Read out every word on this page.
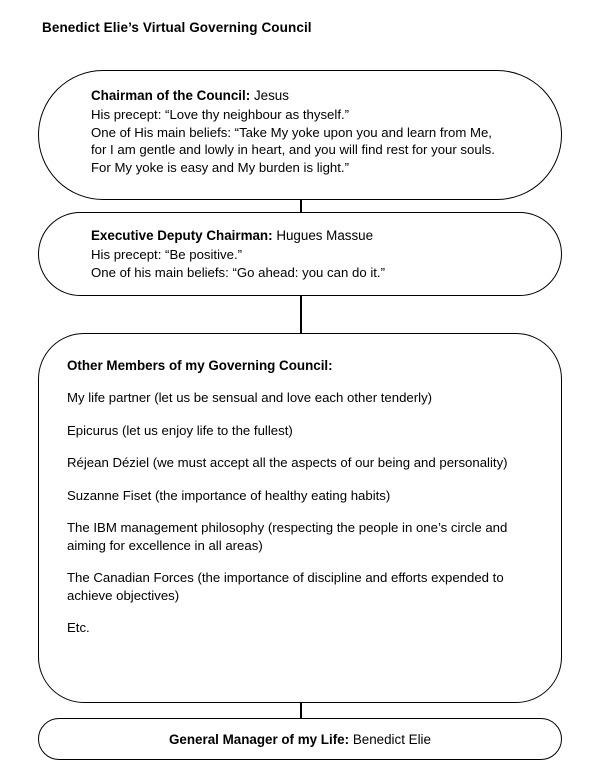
Benedict Elie’s Virtual Governing Council
Chairman of the Council: Jesus
His precept: “Love thy neighbour as thyself.”
One of His main beliefs: “Take My yoke upon you and learn from Me,
for I am gentle and lowly in heart, and you will find rest for your souls.
For My yoke is easy and My burden is light.”
Executive Deputy Chairman: Hugues Massue
His precept: “Be positive.”
One of his main beliefs: “Go ahead: you can do it.”
Other Members of my Governing Council:
My life partner (let us be sensual and love each other tenderly)
Epicurus (let us enjoy life to the fullest)
Réjean Déziel (we must accept all the aspects of our being and personality)
Suzanne Fiset (the importance of healthy eating habits)
The IBM management philosophy (respecting the people in one’s circle and aiming for excellence in all areas)
The Canadian Forces (the importance of discipline and efforts expended to achieve objectives)
Etc.
General Manager of my Life: Benedict Elie
